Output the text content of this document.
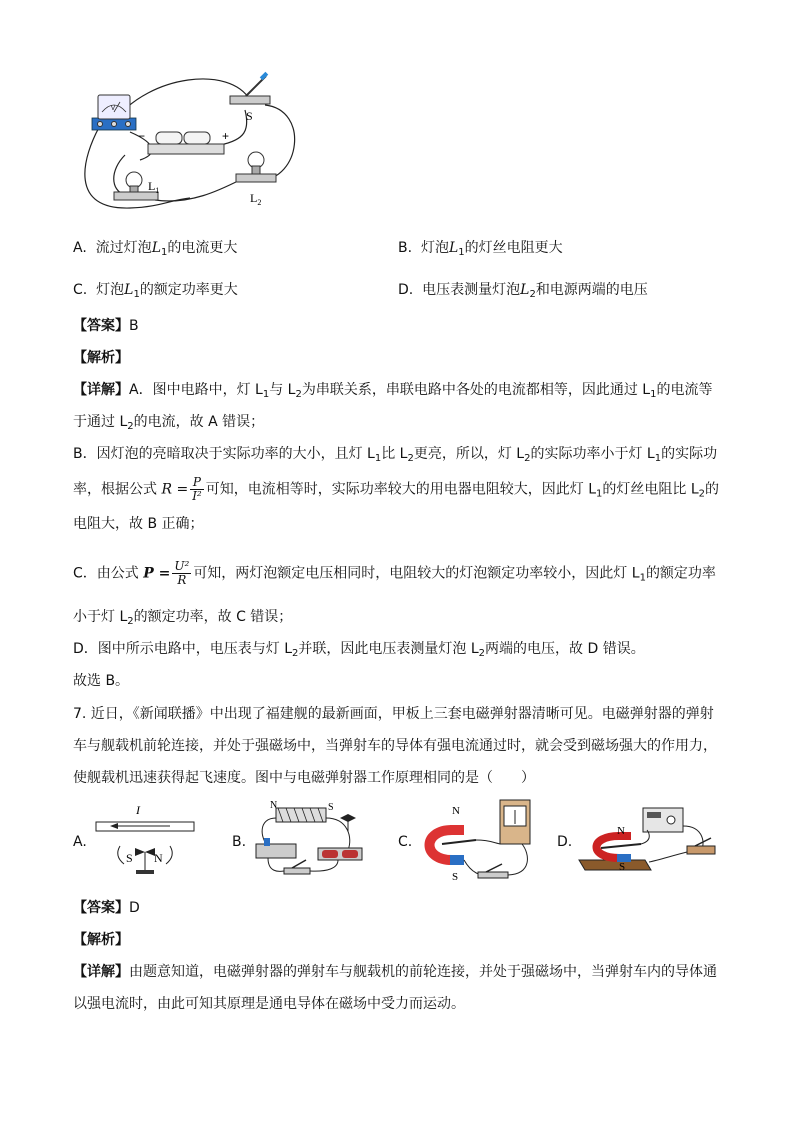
V
−	+
S
$L_1$
$L_2$
A. 流过灯泡$L_1$的电流更大	B. 灯泡$L_1$的灯丝电阻更大
C. 灯泡$L_1$的额定功率更大	D. 电压表测量灯泡$L_2$和电源两端的电压
【答案】B
【解析】
【详解】A．图中电路中，灯 $L_1$与 $L_2$为串联关系，串联电路中各处的电流都相等，因此通过 $L_1$的电流等
于通过 $L_2$的电流，故 A 错误；
B．因灯泡的亮暗取决于实际功率的大小，且灯 $L_1$比 $L_2$更亮，所以，灯 $L_2$的实际功率小于灯 $L_1$的实际功
率，根据公式 $R = \frac{P}{\text{I²}}$ 可知，电流相等时，实际功率较大的用电器电阻较大，因此灯 $L_1$的灯丝电阻比 $L_2$的
电阻大，故 B 正确；
C．由公式 $P = \frac{\text{U²}}{R}$ 可知，两灯泡额定电压相同时，电阻较大的灯泡额定功率较小，因此灯 $L_1$的额定功率
小于灯 $L_2$的额定功率，故 C 错误；
D．图中所示电路中，电压表与灯 $L_2$并联，因此电压表测量灯泡 $L_2$两端的电压，故 D 错误。
故选 B。
7. 近日，《新闻联播》中出现了福建舰的最新画面，甲板上三套电磁弹射器清晰可见。电磁弹射器的弹射
车与舰载机前轮连接，并处于强磁场中，当弹射车的导体有强电流通过时，就会受到磁场强大的作用力，
使舰载机迅速获得起飞速度。图中与电磁弹射器工作原理相同的是（　　）
A.
I
S N
B.
N	S
C.
N
S
D.
N
S
【答案】D
【解析】
【详解】由题意知道，电磁弹射器的弹射车与舰载机的前轮连接，并处于强磁场中，当弹射车内的导体通
以强电流时，由此可知其原理是通电导体在磁场中受力而运动。
